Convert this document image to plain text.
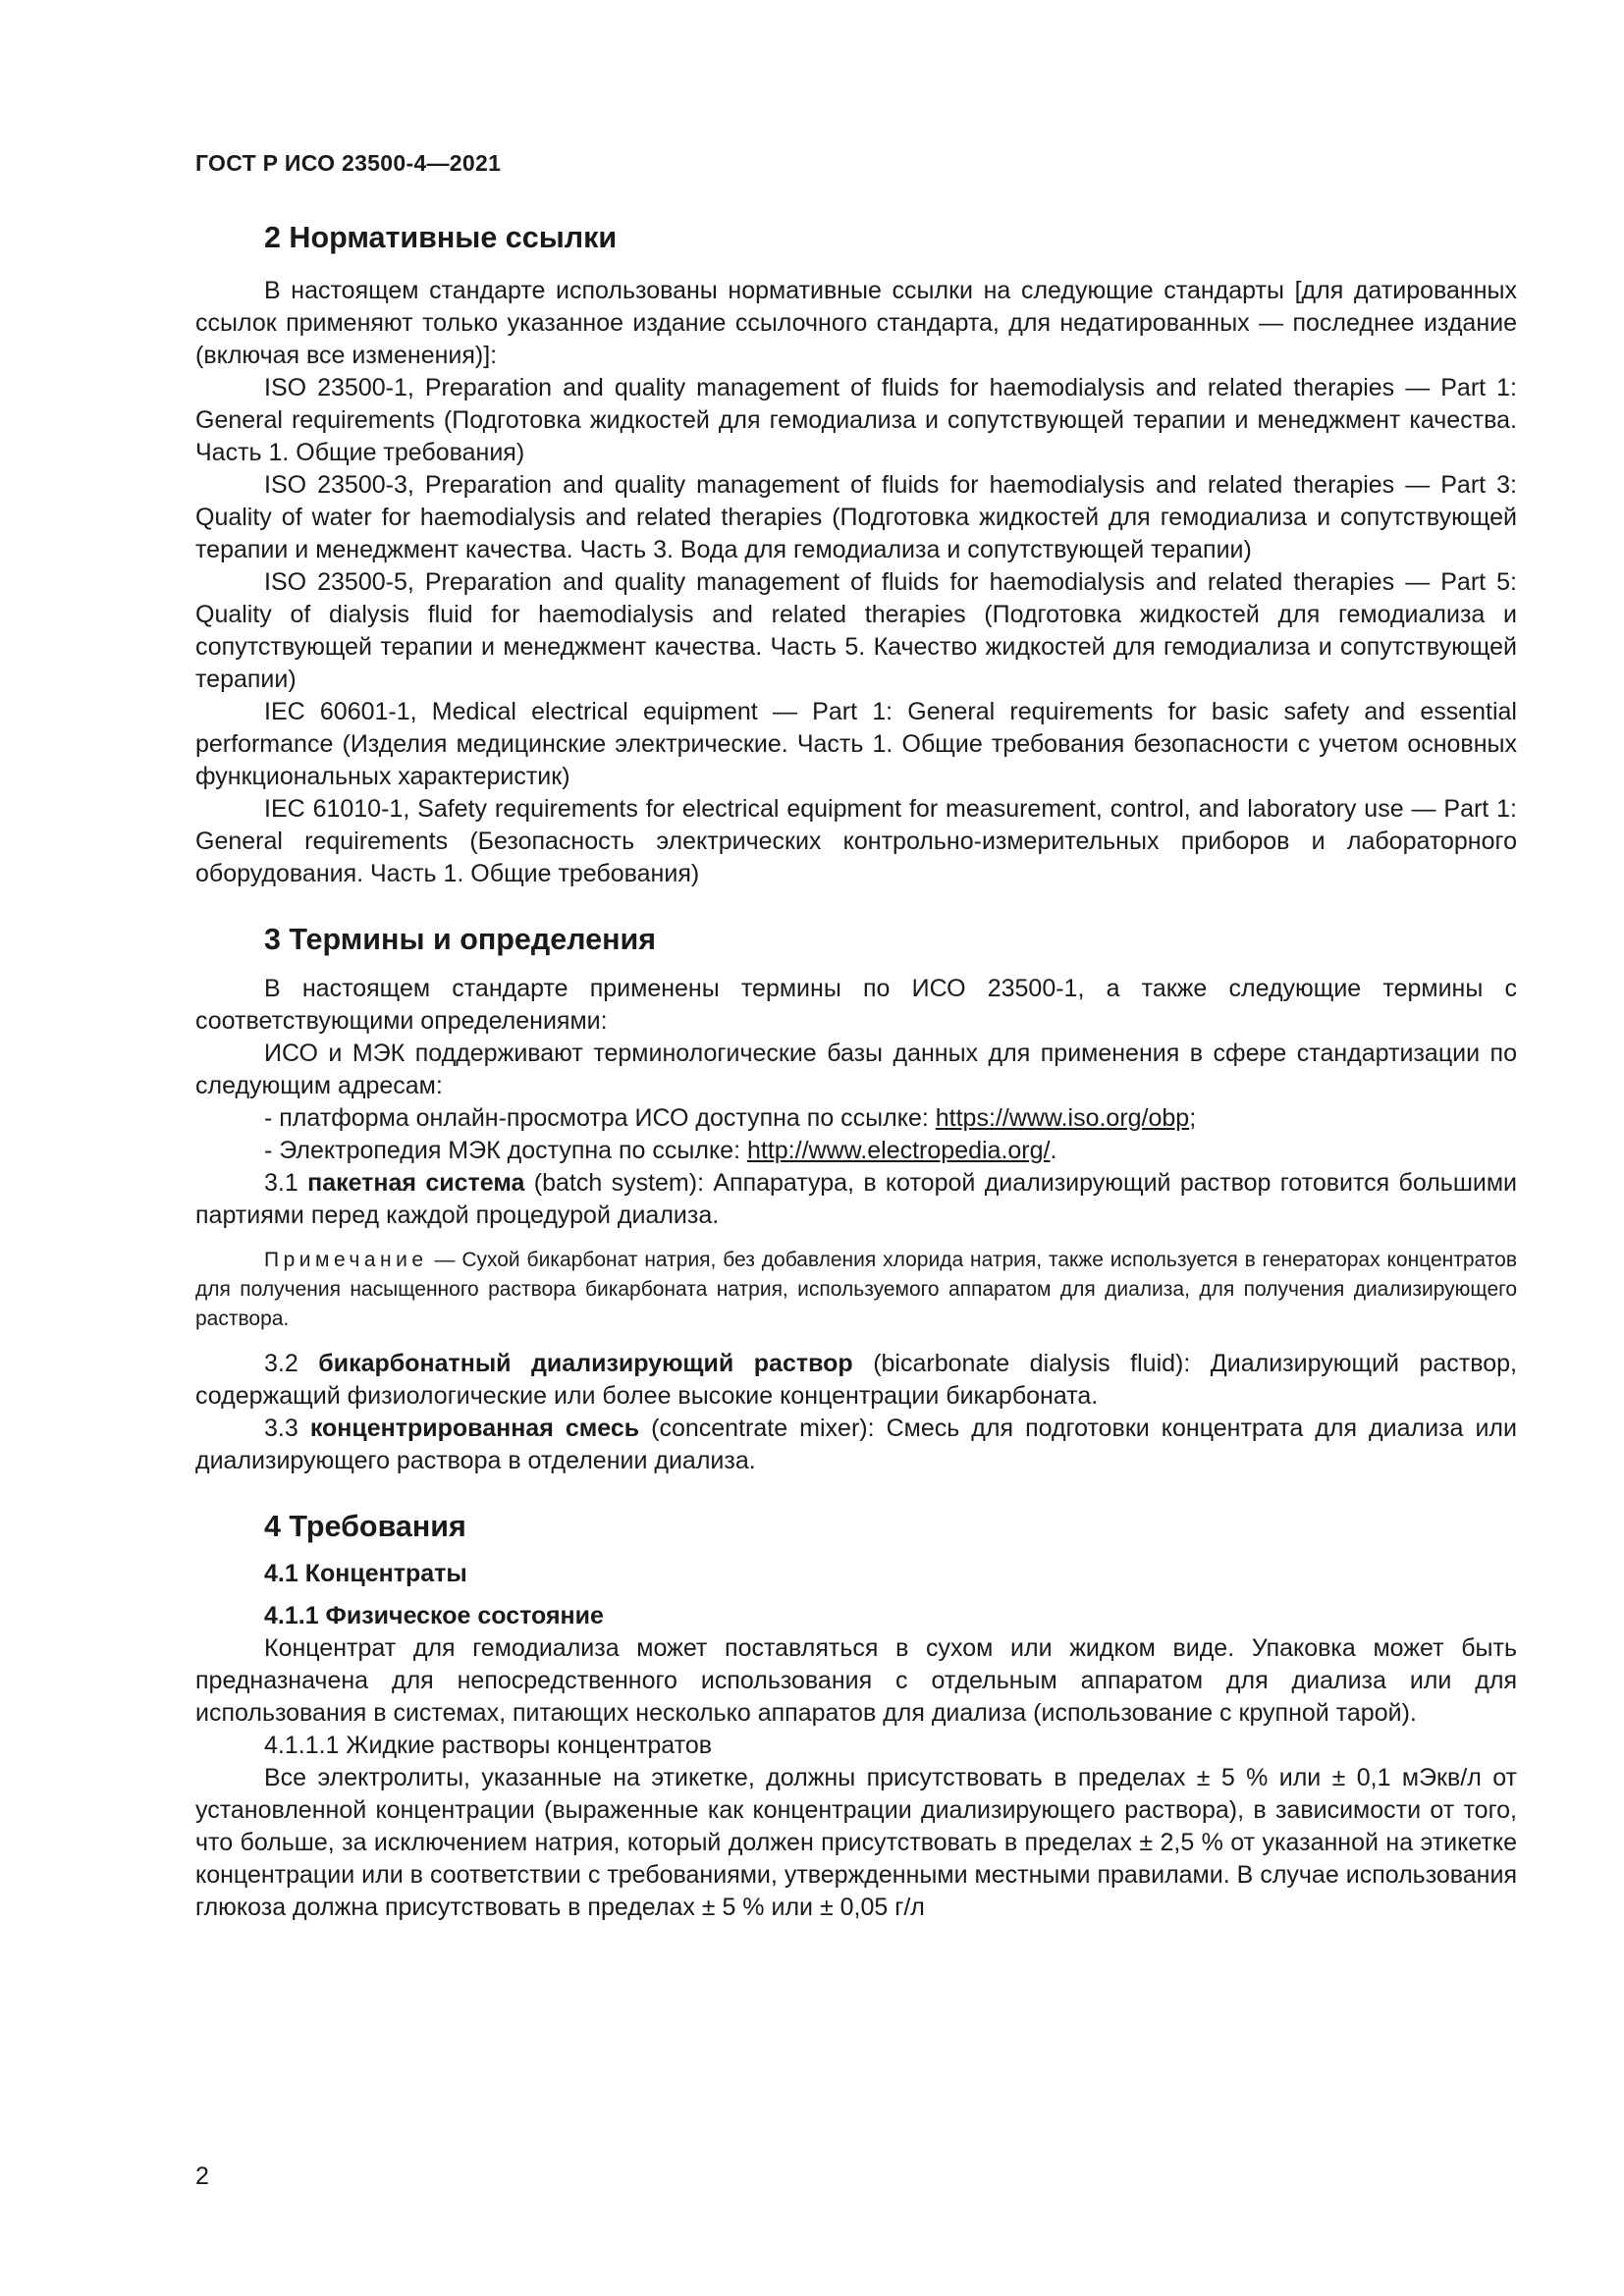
ГОСТ Р ИСО 23500-4—2021
2 Нормативные ссылки

В настоящем стандарте использованы нормативные ссылки на следующие стандарты [для датированных ссылок применяют только указанное издание ссылочного стандарта, для недатированных — последнее издание (включая все изменения)]:

ISO 23500-1, Preparation and quality management of fluids for haemodialysis and related therapies — Part 1: General requirements (Подготовка жидкостей для гемодиализа и сопутствующей терапии и менеджмент качества. Часть 1. Общие требования)

ISO 23500-3, Preparation and quality management of fluids for haemodialysis and related therapies — Part 3: Quality of water for haemodialysis and related therapies (Подготовка жидкостей для гемодиализа и сопутствующей терапии и менеджмент качества. Часть 3. Вода для гемодиализа и сопутствующей терапии)

ISO 23500-5, Preparation and quality management of fluids for haemodialysis and related therapies — Part 5: Quality of dialysis fluid for haemodialysis and related therapies (Подготовка жидкостей для гемодиализа и сопутствующей терапии и менеджмент качества. Часть 5. Качество жидкостей для гемодиализа и сопутствующей терапии)

IEC 60601-1, Medical electrical equipment — Part 1: General requirements for basic safety and essential performance (Изделия медицинские электрические. Часть 1. Общие требования безопасности с учетом основных функциональных характеристик)

IEC 61010-1, Safety requirements for electrical equipment for measurement, control, and laboratory use — Part 1: General requirements (Безопасность электрических контрольно-измерительных приборов и лабораторного оборудования. Часть 1. Общие требования)

3 Термины и определения

В настоящем стандарте применены термины по ИСО 23500-1, а также следующие термины с соответствующими определениями:

ИСО и МЭК поддерживают терминологические базы данных для применения в сфере стандартизации по следующим адресам:

- платформа онлайн-просмотра ИСО доступна по ссылке: https://www.iso.org/obp;

- Электропедия МЭК доступна по ссылке: http://www.electropedia.org/.

3.1 пакетная система (batch system): Аппаратура, в которой диализирующий раствор готовится большими партиями перед каждой процедурой диализа.

Примечание — Сухой бикарбонат натрия, без добавления хлорида натрия, также используется в генераторах концентратов для получения насыщенного раствора бикарбоната натрия, используемого аппаратом для диализа, для получения диализирующего раствора.

3.2 бикарбонатный диализирующий раствор (bicarbonate dialysis fluid): Диализирующий раствор, содержащий физиологические или более высокие концентрации бикарбоната.

3.3 концентрированная смесь (concentrate mixer): Смесь для подготовки концентрата для диализа или диализирующего раствора в отделении диализа.

4 Требования
4.1 Концентраты
4.1.1 Физическое состояние

Концентрат для гемодиализа может поставляться в сухом или жидком виде. Упаковка может быть предназначена для непосредственного использования с отдельным аппаратом для диализа или для использования в системах, питающих несколько аппаратов для диализа (использование с крупной тарой).

4.1.1.1 Жидкие растворы концентратов

Все электролиты, указанные на этикетке, должны присутствовать в пределах ± 5 % или ± 0,1 мЭкв/л от установленной концентрации (выраженные как концентрации диализирующего раствора), в зависимости от того, что больше, за исключением натрия, который должен присутствовать в пределах ± 2,5 % от указанной на этикетке концентрации или в соответствии с требованиями, утвержденными местными правилами. В случае использования глюкоза должна присутствовать в пределах ± 5 % или ± 0,05 г/л

2
